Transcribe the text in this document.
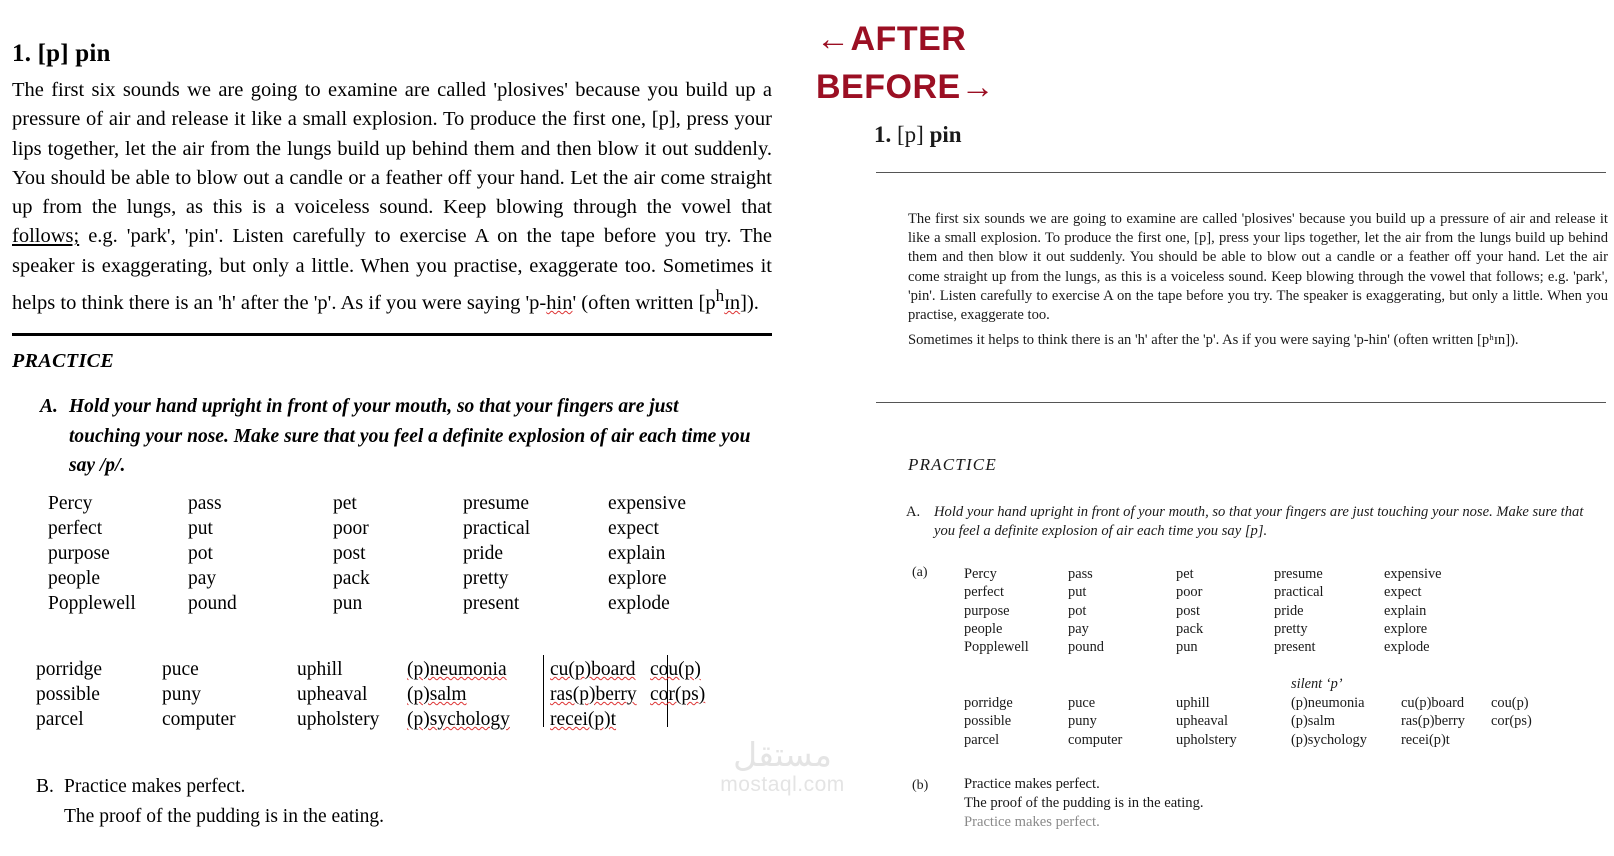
1. [p] pin
The first six sounds we are going to examine are called 'plosives' because you build up a pressure of air and release it like a small explosion. To produce the first one, [p], press your lips together, let the air from the lungs build up behind them and then blow it out suddenly. You should be able to blow out a candle or a feather off your hand. Let the air come straight up from the lungs, as this is a voiceless sound. Keep blowing through the vowel that follows; e.g. 'park', 'pin'. Listen carefully to exercise A on the tape before you try. The speaker is exaggerating, but only a little. When you practise, exaggerate too. Sometimes it helps to think there is an 'h' after the 'p'. As if you were saying 'p-hin' (often written $[p^hɪn]$).
PRACTICE
A. Hold your hand upright in front of your mouth, so that your fingers are just touching your nose. Make sure that you feel a definite explosion of air each time you say /p/.
Percy
perfect
purpose
people
Popplewell
pass
put
pot
pay
pound
pet
poor
post
pack
pun
presume
practical
pride
pretty
present
expensive
expect
explain
explore
explode
porridge
possible
parcel
puce
puny
computer
uphill
upheaval
upholstery
(p)neumonia
(p)salm
(p)sychology
cu(p)board
ras(p)berry
recei(p)t
cou(p)
cor(ps)
B. Practice makes perfect.
The proof of the pudding is in the eating.
مستقل
mostaql.com
←AFTER
BEFORE→
1. [p] pin

The first six sounds we are going to examine are called 'plosives' because you build up a pressure of air and release it like a small explosion. To produce the first one, [p], press your lips together, let the air from the lungs build up behind them and then blow it out suddenly. You should be able to blow out a candle or a feather off your hand. Let the air come straight up from the lungs, as this is a voiceless sound. Keep blowing through the vowel that follows; e.g. 'park', 'pin'. Listen carefully to exercise A on the tape before you try. The speaker is exaggerating, but only a little. When you practise, exaggerate too.

Sometimes it helps to think there is an 'h' after the 'p'. As if you were saying 'p-hin' (often written [pʰɪn]).

PRACTICE
A. Hold your hand upright in front of your mouth, so that your fingers are just touching your nose. Make sure that you feel a definite explosion of air each time you say [p].
(a)	Percy
perfect
purpose
people
Popplewell
pass
put
pot
pay
pound
pet
poor
post
pack
pun
presume
practical
pride
pretty
present
expensive
expect
explain
explore
explode
silent ‘p’
porridge
possible
parcel
puce
puny
computer
uphill
upheaval
upholstery
(p)neumonia
(p)salm
(p)sychology
cu(p)board
ras(p)berry
recei(p)t
cou(p)
cor(ps)
(b) Practice makes perfect.
The proof of the pudding is in the eating.
Practice makes perfect.
